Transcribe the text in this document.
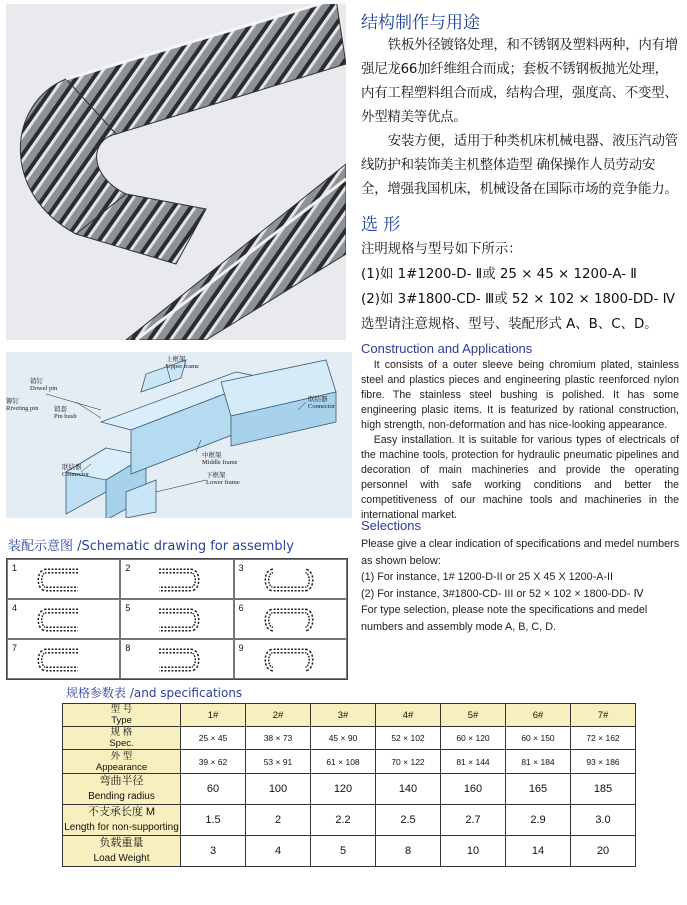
结构制作与用途

铁板外径镀铬处理，和不锈钢及塑料两种，内有增强尼龙66加纤维组合而成；套板不锈钢板抛光处理，内有工程塑料组合而成，结构合理，强度高、不变型、外型精美等优点。

安装方便，适用于种类机床机械电器、液压汽动管线防护和装饰美主机整体造型 确保操作人员劳动安全，增强我国机床，机械设备在国际市场的竞争能力。

选 形
注明规格与型号如下所示：
(1)如 1#1200-D- Ⅱ或 25 × 45 × 1200-A- Ⅱ
(2)如 3#1800-CD- Ⅲ或 52 × 102 × 1800-DD- Ⅳ
选型请注意规格、型号、装配形式 A、B、C、D。
Construction and Applications

It consists of a outer sleeve being chromium plated, stainless steel and plastics pieces and engineering plastic reenforced nylon fibre. The stainless steel bushing is polished. It has some engineering plasic items. It is featurized by rational construction, high strength, non-deformation and has nice-looking appearance.

Easy installation. It is suitable for various types of electricals of the machine tools, protection for hydraulic pneumatic pipelines and decoration of main machineries and provide the operating personnel with safe working conditions and better the competitiveness of our machine tools and machineries in the international market.

Selections
Please give a clear indication of specifications and medel numbers as shown below:
(1) For instance, 1# 1200-D-II or 25 X 45 X 1200-A-II
(2) For instance, 3#1800-CD- III or 52 × 102 × 1800-DD- Ⅳ
For type selection, please note the specifications and medel numbers and assembly mode A, B, C, D.
销钉
Dowel pin
上框架
Upper frame
铆钉
Riveting pin 销套
Pin bush
联结器
Connector
中框架
Middle frame
下框架
Lower frame
联结器
Connector
装配示意图 /Schematic drawing for assembly
1	2	3
4	5	6
7	8	9
规格参数表 /and specifications
型 号
Type	1#	2#	3#	4#	5#	6#	7#

规 格
Spec.	25 × 45	38 × 73	45 × 90	52 × 102	60 × 120	60 × 150	72 × 162

外 型
Appearance	39 × 62	53 × 91	61 × 108	70 × 122	81 × 144	81 × 184	93 × 186

弯曲半径
Bending radius	60	100	120	140	160	165	185

不支承长度 M
Length for non-supporting	1.5	2	2.2	2.5	2.7	2.9	3.0

负载重量
Load Weight	3	4	5	8	10	14	20
